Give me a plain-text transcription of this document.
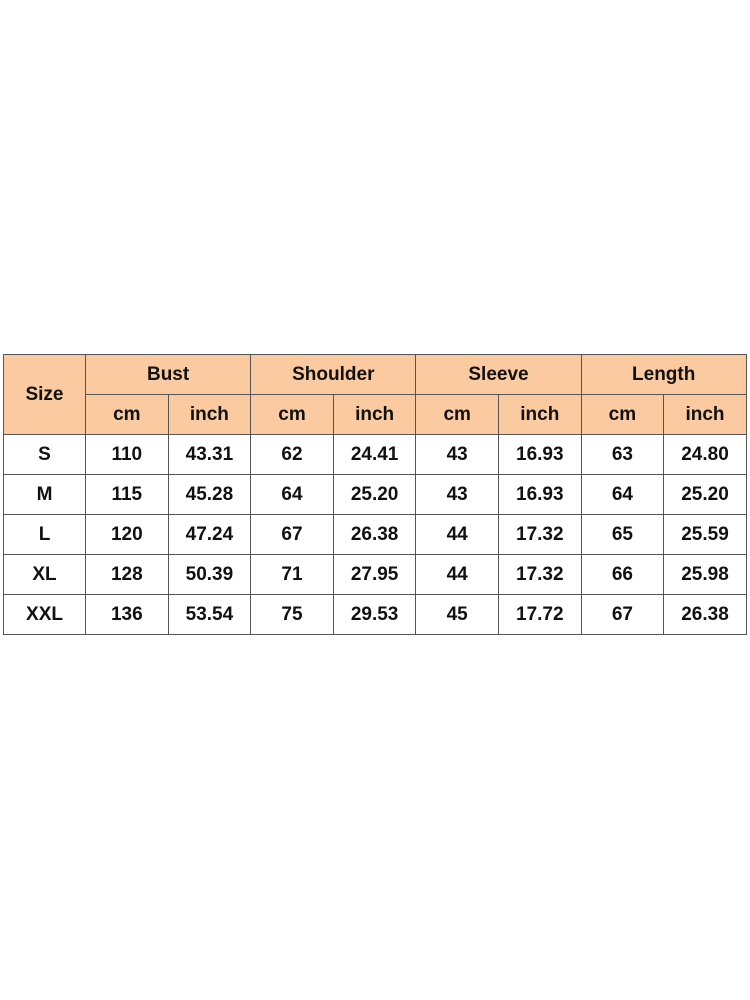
Size	Bust		Shoulder		Sleeve		Length	
	cm	inch	cm	inch	cm	inch	cm	inch
S	110	43.31	62	24.41	43	16.93	63	24.80
M	115	45.28	64	25.20	43	16.93	64	25.20
L	120	47.24	67	26.38	44	17.32	65	25.59
XL	128	50.39	71	27.95	44	17.32	66	25.98
XXL	136	53.54	75	29.53	45	17.72	67	26.38
